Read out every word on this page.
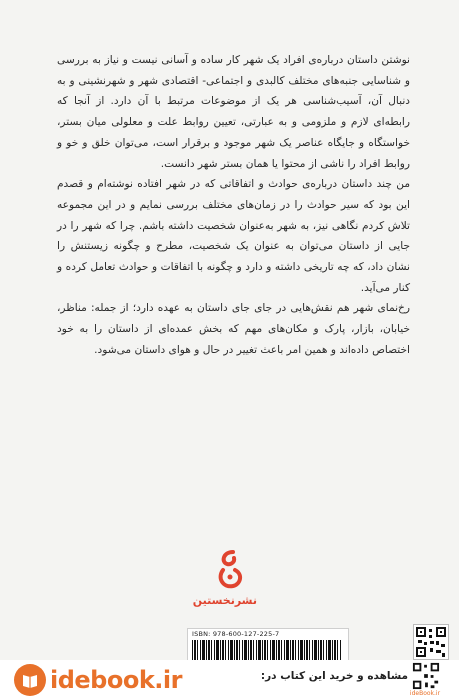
نوشتن داستان درباره‌ی افراد یک شهر کار ساده و آسانی نیست و نیاز به بررسی و شناسایی جنبه‌های مختلف کالبدی و اجتماعی- اقتصادی شهر و شهرنشینی و به دنبال آن، آسیب‌شناسی هر یک از موضوعات مرتبط با آن دارد. از آنجا که رابطه‌ای لازم و ملزومی و به عبارتی، تعیین روابط علت و معلولی میان بستر، خواستگاه و جایگاه عناصر یک شهر موجود و برقرار است، می‌توان خلق و خو و روابط افراد را ناشی از محتوا یا همان بستر شهر دانست.

من چند داستان درباره‌ی حوادث و اتفاقاتی که در شهر افتاده نوشته‌ام و قصدم این بود که سیر حوادث را در زمان‌های مختلف بررسی نمایم و در این مجموعه تلاش کردم نگاهی نیز، به شهر به‌عنوان شخصیت داشته باشم. چرا که شهر را در جایی از داستان می‌توان به عنوان یک شخصیت، مطرح و چگونه زیستنش را نشان داد، که چه تاریخی داشته و دارد و چگونه با اتفاقات و حوادث تعامل کرده و کنار می‌آید.

رخ‌نمای شهر هم نقش‌هایی در جای جای داستان به عهده دارد؛ از جمله: مناظر، خیابان، بازار، پارک و مکان‌های مهم که بخش عمده‌ای از داستان را به خود اختصاص داده‌اند و همین امر باعث تغییر در حال و هوای داستان می‌شود.

نشرنخستین
ISBN: 978-600-127-225-7
idebook.ir	مشاهده و خرید این کتاب در:
ideBook.ir
